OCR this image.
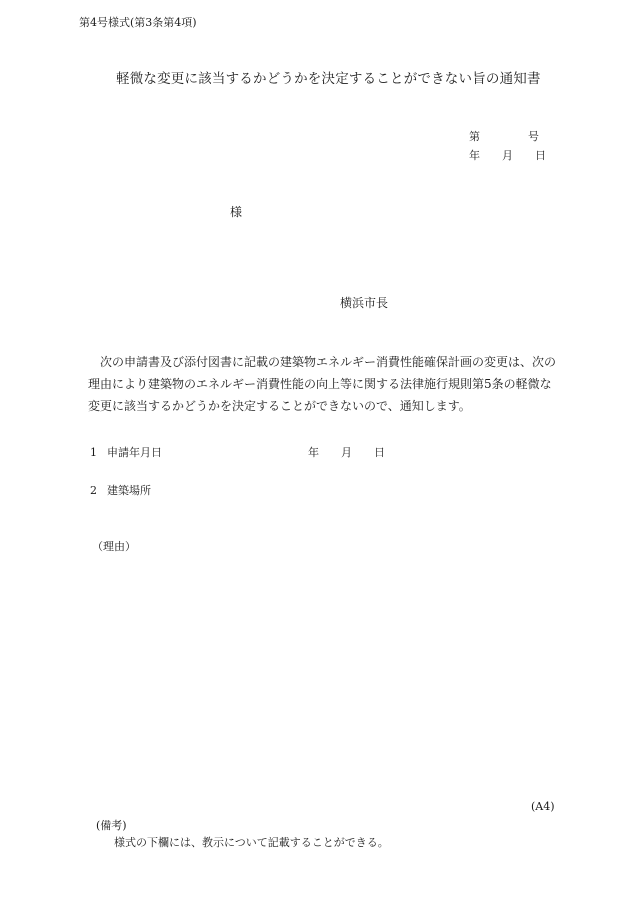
第4号様式(第3条第4項)
軽微な変更に該当するかどうかを決定することができない旨の通知書
第	号
年 月 日
様
横浜市長

　次の申請書及び添付図書に記載の建築物エネルギー消費性能確保計画の変更は、次の
理由により建築物のエネルギー消費性能の向上等に関する法律施行規則第5条の軽微な
変更に該当するかどうかを決定することができないので、通知します。

1 申請年月日	年 月 日
2 建築場所
（理由）
(A4)
(備考)
様式の下欄には、教示について記載することができる。
